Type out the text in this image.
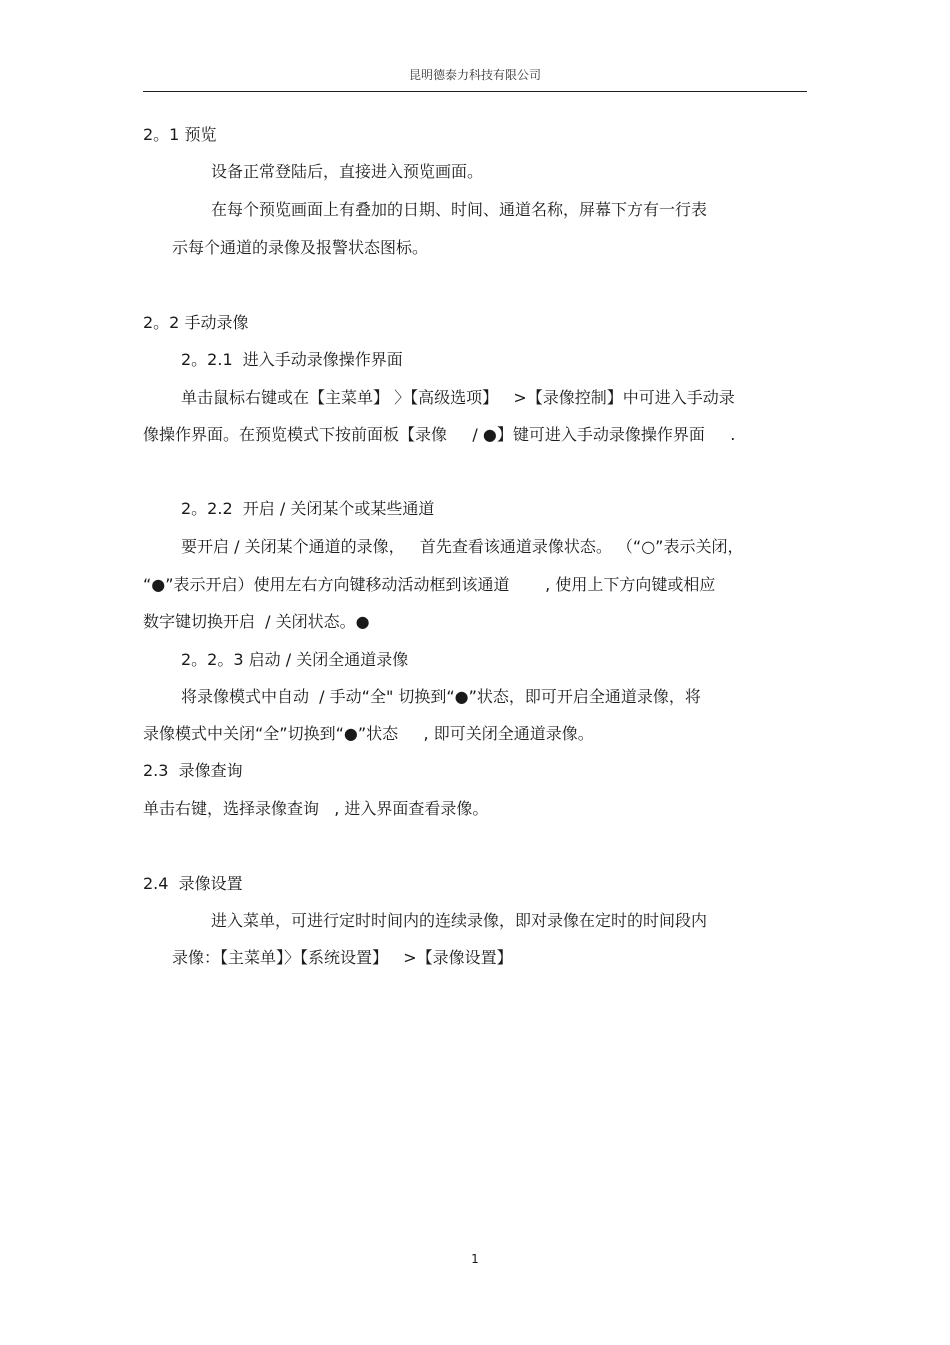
昆明德泰力科技有限公司
2。1 预览
设备正常登陆后，直接进入预览画面。
在每个预览画面上有叠加的日期、时间、通道名称，屏幕下方有一行表
示每个通道的录像及报警状态图标。
2。2 手动录像
2。2.1  进入手动录像操作界面
单击鼠标右键或在【主菜单】 〉【高级选项】   >【录像控制】中可进入手动录
像操作界面。在预览模式下按前面板【录像     / ●】键可进入手动录像操作界面     .
2。2.2  开启 / 关闭某个或某些通道
要开启 / 关闭某个通道的录像，   首先查看该通道录像状态。 （“○”表示关闭，
“●”表示开启）使用左右方向键移动活动框到该通道       , 使用上下方向键或相应
数字键切换开启  / 关闭状态。●
2。2。3 启动 / 关闭全通道录像
将录像模式中自动  / 手动“全" 切换到“●”状态，即可开启全通道录像，将
录像模式中关闭“全”切换到“●”状态     , 即可关闭全通道录像。
2.3  录像查询
单击右键，选择录像查询   , 进入界面查看录像。
2.4  录像设置
进入菜单，可进行定时时间内的连续录像，即对录像在定时的时间段内
录像：【主菜单】〉【系统设置】   >【录像设置】
1
